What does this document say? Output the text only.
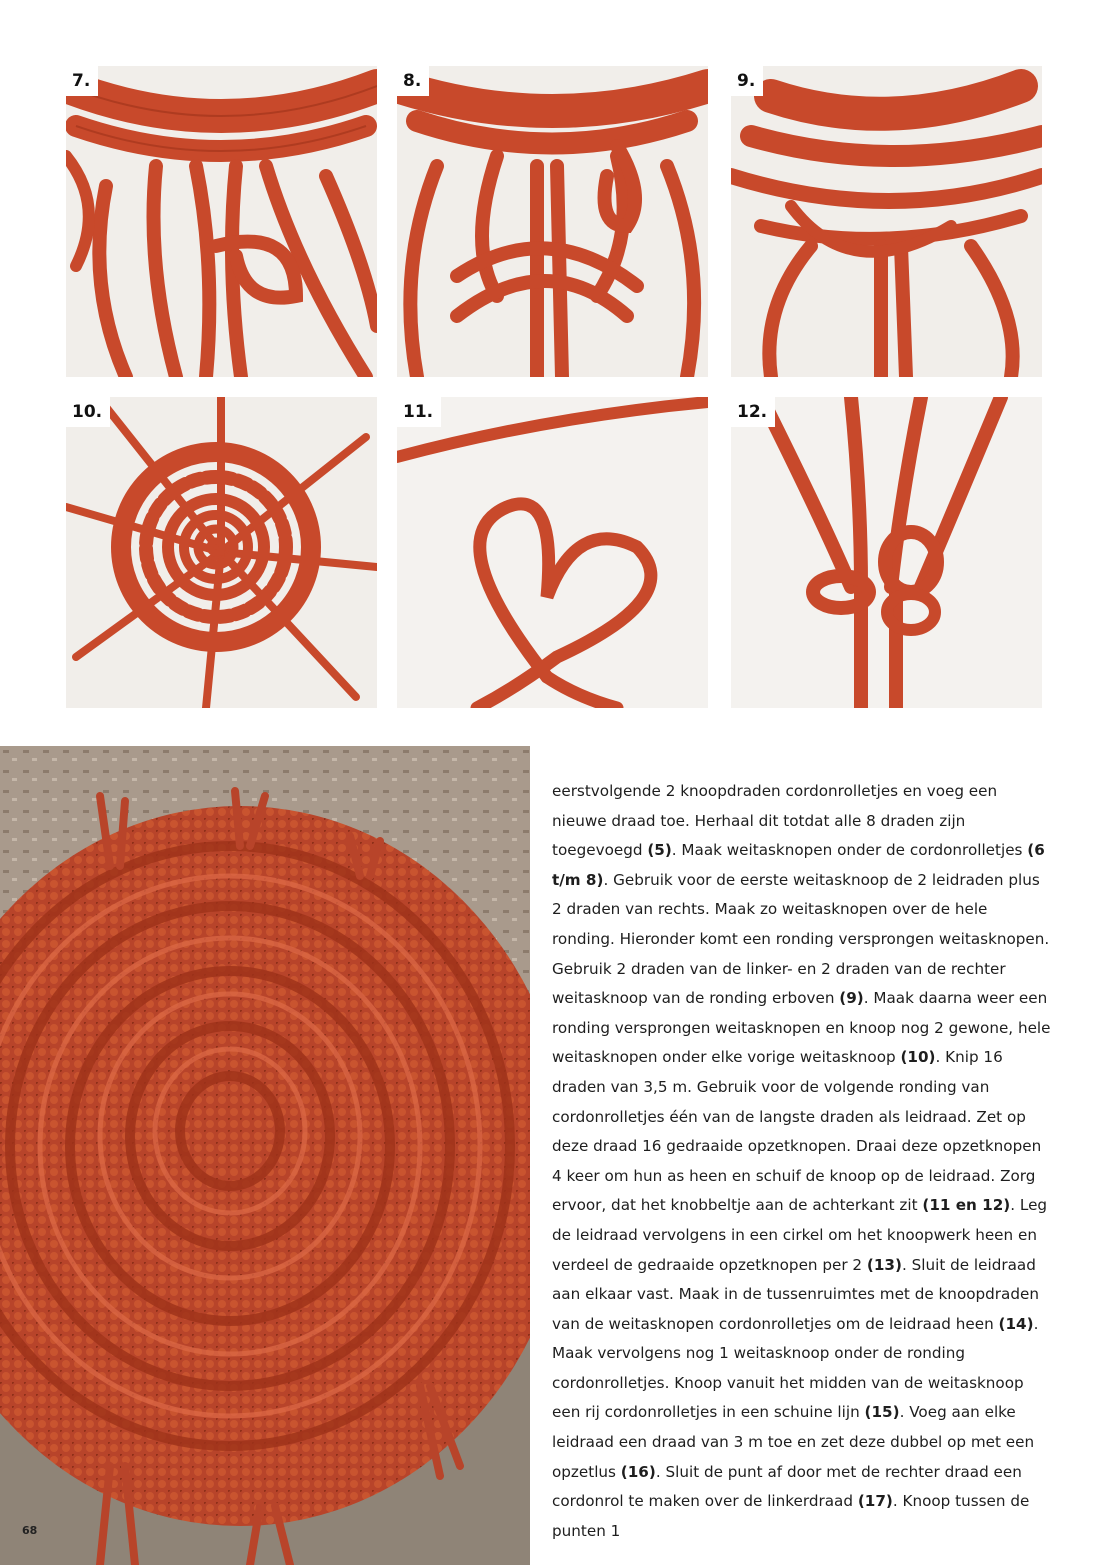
7.	8.	9.
10.	11.	12.

eerstvolgende 2 knoopdraden cordonrolletjes en voeg een nieuwe draad toe. Herhaal dit totdat alle 8 draden zijn toegevoegd (5). Maak weitasknopen onder de cordonrolletjes (6 t/m 8). Gebruik voor de eerste weitasknoop de 2 leidraden plus 2 draden van rechts. Maak zo weitasknopen over de hele ronding. Hieronder komt een ronding versprongen weitasknopen. Gebruik 2 draden van de linker- en 2 draden van de rechter weitasknoop van de ronding erboven (9). Maak daarna weer een ronding versprongen weitasknopen en knoop nog 2 gewone, hele weitasknopen onder elke vorige weitasknoop (10). Knip 16 draden van 3,5 m. Gebruik voor de volgende ronding van cordonrolletjes één van de langste draden als leidraad. Zet op deze draad 16 gedraaide opzetknopen. Draai deze opzetknopen 4 keer om hun as heen en schuif de knoop op de leidraad. Zorg ervoor, dat het knobbeltje aan de achterkant zit (11 en 12). Leg de leidraad vervolgens in een cirkel om het knoopwerk heen en verdeel de gedraaide opzetknopen per 2 (13). Sluit de leidraad aan elkaar vast. Maak in de tussenruimtes met de knoopdraden van de weitasknopen cordonrolletjes om de leidraad heen (14). Maak vervolgens nog 1 weitasknoop onder de ronding cordonrolletjes. Knoop vanuit het midden van de weitasknoop een rij cordonrolletjes in een schuine lijn (15). Voeg aan elke leidraad een draad van 3 m toe en zet deze dubbel op met een opzetlus (16). Sluit de punt af door met de rechter draad een cordonrol te maken over de linkerdraad (17). Knoop tussen de punten 1

68
